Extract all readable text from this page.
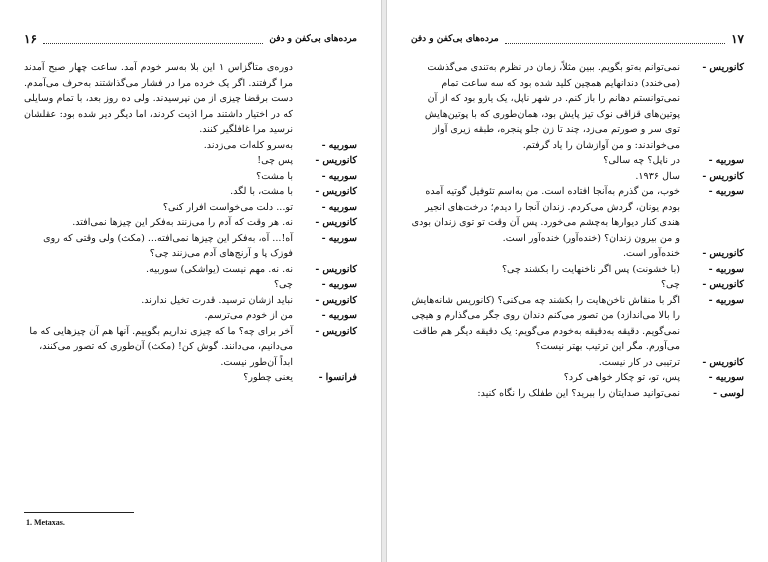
مرده‌های بی‌کفن و دفن
۱۶
دوره‌ی متاگزاس ۱ این بلا به‌سر خودم آمد. ساعت چهار صبح آمدند مرا گرفتند. اگر یک خرده مرا در فشار می‌گذاشتند به‌حرف می‌آمدم. دست برقضا چیزی از من نپرسیدند. ولی ده روز بعد، با تمام وسایلی که در اختیار داشتند مرا اذیت کردند، اما دیگر دیر شده بود: عقلشان نرسید مرا غافلگیر کنند.
سوربیه-
به‌سرو کله‌ات می‌زدند.
کانوریس-
پس چی!
سوربیه-
با مشت؟
کانوریس-
با مشت، با لگد.
سوربیه-
تو... دلت می‌خواست افرار کنی؟
کانوریس-
نه. هر وقت که آدم را می‌زنند به‌فکر این چیزها نمی‌افتد.
سوربیه-
آه!... آه، به‌فکر این چیزها نمی‌افته... (مکث) ولی وقتی که روی فوزک پا و آرنج‌های آدم می‌زنند چی؟
کانوریس-
نه. نه. مهم نیست (یواشکی) سوربیه.
سوربیه-
چی؟
کانوریس-
نباید ازشان ترسید. قدرت تخیل ندارند.
سوربیه-
من از خودم می‌ترسم.
کانوریس-
آخر برای چه؟ ما که چیزی نداریم بگوییم. آنها هم آن چیزهایی که ما می‌دانیم، می‌دانند. گوش کن! (مکث) آن‌طوری که تصور می‌کنند، ابداً آن‌طور نیست.
فرانسوا-
یعنی چطور؟
1. Metaxas.
۱۷
مرده‌های بی‌کفن و دفن
کانوریس-
نمی‌توانم به‌تو بگویم. ببین مثلاً، زمان در نظرم به‌تندی می‌گذشت (می‌خندد) دندانهایم همچین کلید شده بود که سه ساعت تمام نمی‌توانستم دهانم را باز کنم. در شهر ناپل، یک یارو بود که از آن پوتین‌های قزاقی نوک تیز پایش بود، همان‌طوری که با پوتین‌هایش توی سر و صورتم می‌زد، چند تا زن جلو پنجره، طبقه زیری آواز می‌خواندند: و من آوازشان را یاد گرفتم.
سوربیه-
در ناپل؟ چه سالی؟
کانوریس-
سال ۱۹۳۶.
سوربیه-
خوب، من گذرم به‌آنجا افتاده است. من به‌اسم تئوفیل گوتیه آمده بودم یونان، گردش می‌کردم. زندان آنجا را دیدم؛ درخت‌های انجیر هندی کنار دیوارها به‌چشم می‌خورد. پس آن وقت تو توی زندان بودی و من بیرون زندان؟ (خنده‌آور) خنده‌آور است.
کانوریس-
خنده‌آور است.
سوربیه-
(با خشونت) پس اگر ناخنهایت را بکشند چی؟
کانوریس-
چی؟
سوربیه-
اگر با منقاش ناخن‌هایت را بکشند چه می‌کنی؟ (کانوریس شانه‌هایش را بالا می‌اندازد) من تصور می‌کنم دندان روی جگر می‌گذارم و هیچی نمی‌گویم. دقیقه به‌دقیقه به‌خودم می‌گویم: یک دقیقه دیگر هم طاقت می‌آورم. مگر این ترتیب بهتر نیست؟
کانوریس-
ترتیبی در کار نیست.
سوربیه-
پس، تو، تو چکار خواهی کرد؟
لوسی-
نمی‌توانید صدایتان را ببرید؟ این طفلک را نگاه کنید:
